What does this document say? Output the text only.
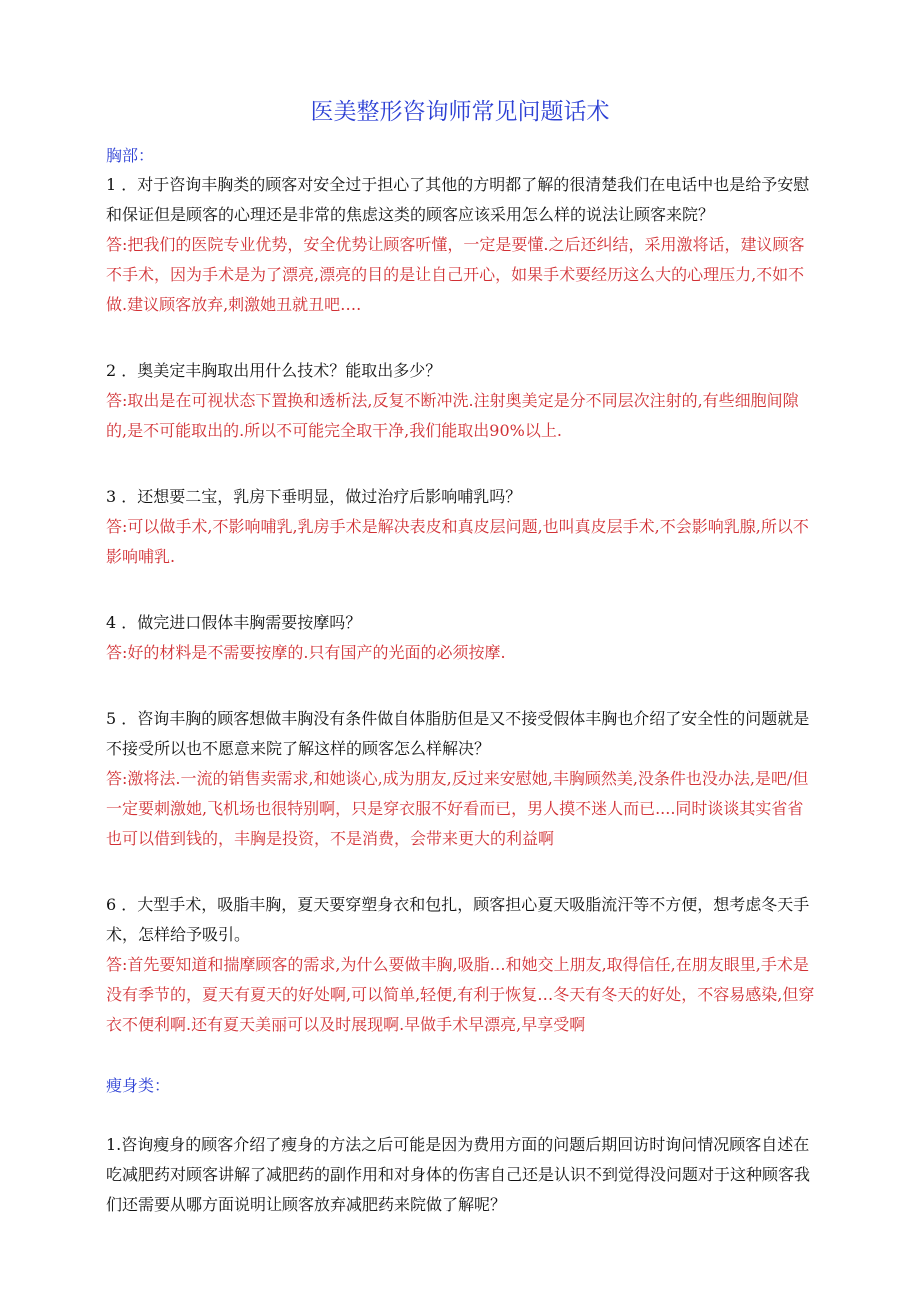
医美整形咨询师常见问题话术
胸部：

1 ．对于咨询丰胸类的顾客对安全过于担心了其他的方明都了解的很清楚我们在电话中也是给予安慰和保证但是顾客的心理还是非常的焦虑这类的顾客应该采用怎么样的说法让顾客来院？

答:把我们的医院专业优势，安全优势让顾客听懂，一定是要懂.之后还纠结，采用激将话，建议顾客不手术，因为手术是为了漂亮,漂亮的目的是让自己开心，如果手术要经历这么大的心理压力,不如不做.建议顾客放弃,刺激她丑就丑吧….

2 ．奥美定丰胸取出用什么技术？能取出多少？

答:取出是在可视状态下置换和透析法,反复不断冲洗.注射奥美定是分不同层次注射的,有些细胞间隙的,是不可能取出的.所以不可能完全取干净,我们能取出90%以上.

3 ．还想要二宝，乳房下垂明显，做过治疗后影响哺乳吗？

答:可以做手术,不影响哺乳,乳房手术是解决表皮和真皮层问题,也叫真皮层手术,不会影响乳腺,所以不影响哺乳.

4 ．做完进口假体丰胸需要按摩吗？

答:好的材料是不需要按摩的.只有国产的光面的必须按摩.

5 ．咨询丰胸的顾客想做丰胸没有条件做自体脂肪但是又不接受假体丰胸也介绍了安全性的问题就是不接受所以也不愿意来院了解这样的顾客怎么样解决？

答:激将法.一流的销售卖需求,和她谈心,成为朋友,反过来安慰她,丰胸顾然美,没条件也没办法,是吧/但一定要刺激她,飞机场也很特别啊，只是穿衣服不好看而已，男人摸不迷人而已....同时谈谈其实省省也可以借到钱的，丰胸是投资，不是消费，会带来更大的利益啊

6 ．大型手术，吸脂丰胸，夏天要穿塑身衣和包扎，顾客担心夏天吸脂流汗等不方便，想考虑冬天手术，怎样给予吸引。

答:首先要知道和揣摩顾客的需求,为什么要做丰胸,吸脂…和她交上朋友,取得信任,在朋友眼里,手术是没有季节的，夏天有夏天的好处啊,可以简单,轻便,有利于恢复…冬天有冬天的好处，不容易感染,但穿衣不便利啊.还有夏天美丽可以及时展现啊.早做手术早漂亮,早享受啊

瘦身类：

1.咨询瘦身的顾客介绍了瘦身的方法之后可能是因为费用方面的问题后期回访时询问情况顾客自述在吃减肥药对顾客讲解了减肥药的副作用和对身体的伤害自己还是认识不到觉得没问题对于这种顾客我们还需要从哪方面说明让顾客放弃减肥药来院做了解呢？
